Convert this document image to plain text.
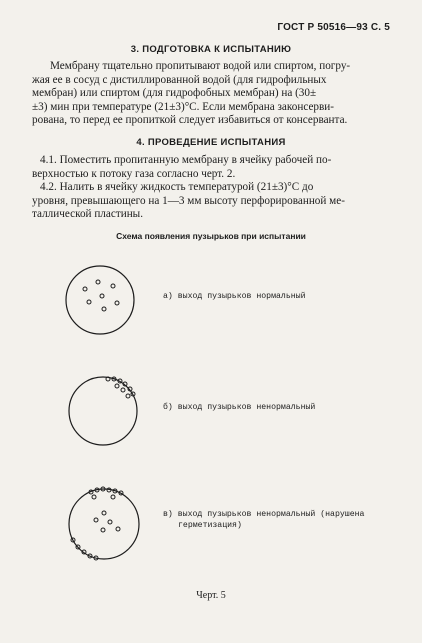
ГОСТ Р 50516—93 С. 5
3. ПОДГОТОВКА К ИСПЫТАНИЮ

Мембрану тщательно пропитывают водой или спиртом, погру-

жая ее в сосуд с дистиллированной водой (для гидрофильных

мембран) или спиртом (для гидрофобных мембран) на (30±

±3) мин при температуре (21±3)°С. Если мембрана законсерви-

рована, то перед ее пропиткой следует избавиться от консерванта.

4. ПРОВЕДЕНИЕ ИСПЫТАНИЯ

4.1. Поместить пропитанную мембрану в ячейку рабочей по-

верхностью к потоку газа согласно черт. 2.

4.2. Налить в ячейку жидкость температурой (21±3)°С до

уровня, превышающего на 1—3 мм высоту перфорированной ме-

таллической пластины.

Схема появления пузырьков при испытании
а) выход пузырьков нормальный
б) выход пузырьков ненормальный
в) выход пузырьков ненормальный (нарушена
герметизация)
Черт. 5
